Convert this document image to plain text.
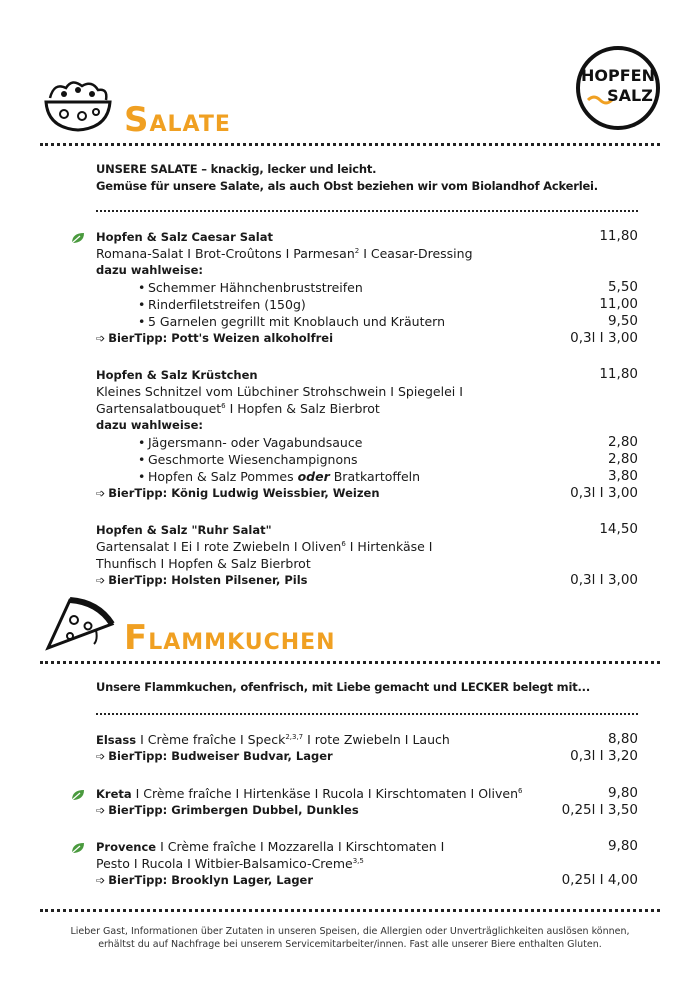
HOPFEN
SALZ
SALATE
UNSERE SALATE – knackig, lecker und leicht.
Gemüse für unsere Salate, als auch Obst beziehen wir vom Biolandhof Ackerlei.
Hopfen & Salz Caesar Salat	11,80
Romana-Salat I Brot-Croûtons I Parmesan$^2$ I Ceasar-Dressing
dazu wahlweise:
• Schemmer Hähnchenbruststreifen	5,50
• Rinderfiletstreifen (150g)	11,00
• 5 Garnelen gegrillt mit Knoblauch und Kräutern	9,50
➩ BierTipp: Pott's Weizen alkoholfrei	0,3l I 3,00
Hopfen & Salz Krüstchen	11,80
Kleines Schnitzel vom Lübchiner Strohschwein I Spiegelei I
Gartensalatbouquet$^6$ I Hopfen & Salz Bierbrot
dazu wahlweise:
• Jägersmann- oder Vagabundsauce	2,80
• Geschmorte Wiesenchampignons	2,80
• Hopfen & Salz Pommes oder Bratkartoffeln	3,80
➩ BierTipp: König Ludwig Weissbier, Weizen	0,3l I 3,00
Hopfen & Salz "Ruhr Salat"	14,50
Gartensalat I Ei I rote Zwiebeln I Oliven$^6$ I Hirtenkäse I
Thunfisch I Hopfen & Salz Bierbrot
➩ BierTipp: Holsten Pilsener, Pils	0,3l I 3,00
FLAMMKUCHEN
Unsere Flammkuchen, ofenfrisch, mit Liebe gemacht und LECKER belegt mit...
Elsass I Crème fraîche I Speck$^{2,3,7}$ I rote Zwiebeln I Lauch	8,80
➩ BierTipp: Budweiser Budvar, Lager	0,3l I 3,20
Kreta I Crème fraîche I Hirtenkäse I Rucola I Kirschtomaten I Oliven$^6$	9,80
➩ BierTipp: Grimbergen Dubbel, Dunkles	0,25l I 3,50
Provence I Crème fraîche I Mozzarella I Kirschtomaten I	9,80
Pesto I Rucola I Witbier-Balsamico-Creme$^{3,5}$
➩ BierTipp: Brooklyn Lager, Lager	0,25l I 4,00
Lieber Gast, Informationen über Zutaten in unseren Speisen, die Allergien oder Unverträglichkeiten auslösen können,
erhältst du auf Nachfrage bei unserem Servicemitarbeiter/innen. Fast alle unserer Biere enthalten Gluten.
